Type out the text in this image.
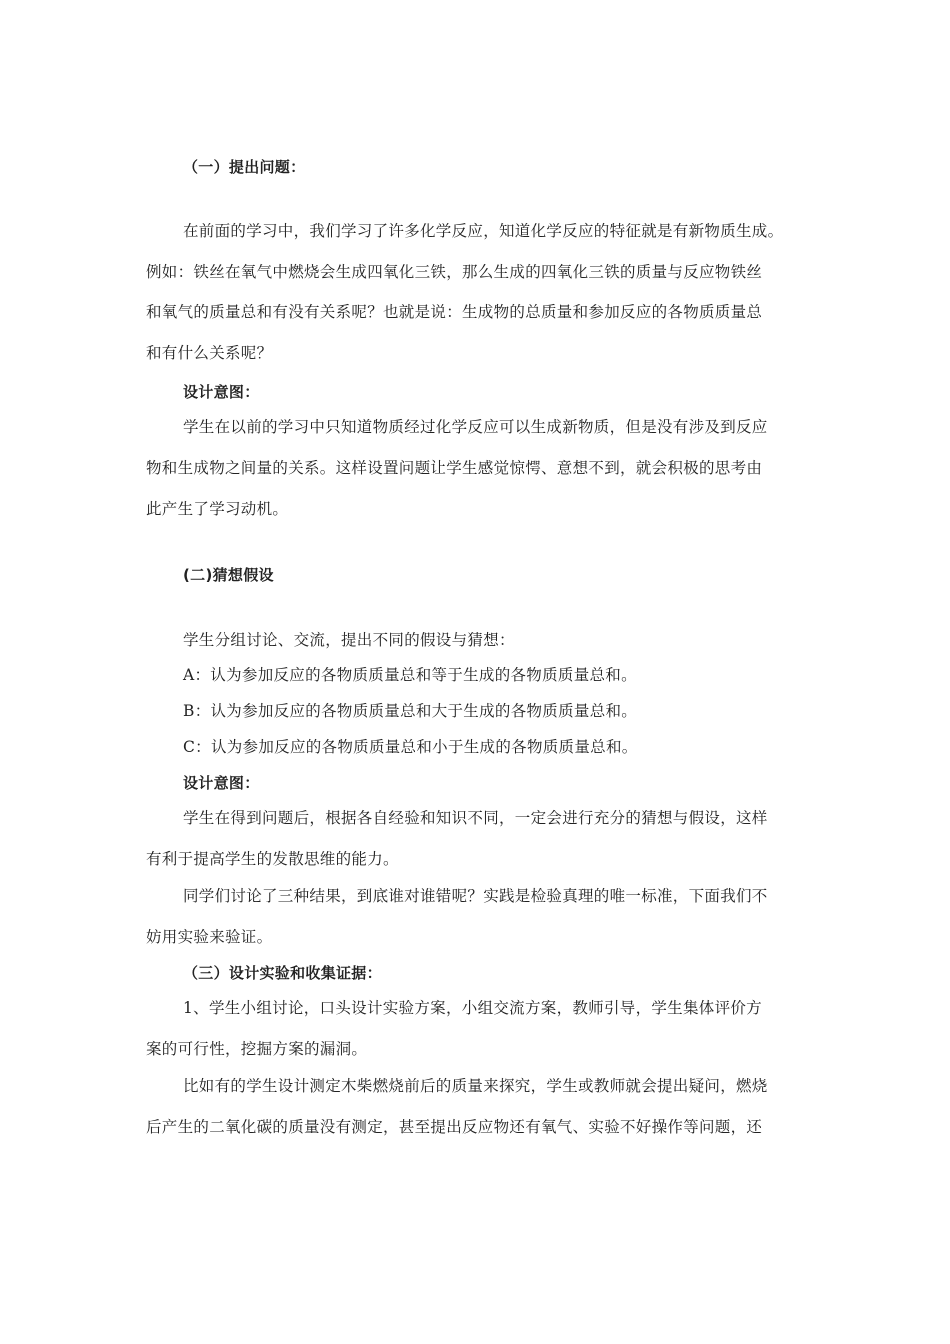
（一）提出问题：
在前面的学习中，我们学习了许多化学反应，知道化学反应的特征就是有新物质生成。
例如：铁丝在氧气中燃烧会生成四氧化三铁，那么生成的四氧化三铁的质量与反应物铁丝
和氧气的质量总和有没有关系呢？也就是说：生成物的总质量和参加反应的各物质质量总
和有什么关系呢？
设计意图：
学生在以前的学习中只知道物质经过化学反应可以生成新物质，但是没有涉及到反应
物和生成物之间量的关系。这样设置问题让学生感觉惊愕、意想不到，就会积极的思考由
此产生了学习动机。
(二)猜想假设
学生分组讨论、交流，提出不同的假设与猜想：
A：认为参加反应的各物质质量总和等于生成的各物质质量总和。
B：认为参加反应的各物质质量总和大于生成的各物质质量总和。
C：认为参加反应的各物质质量总和小于生成的各物质质量总和。
设计意图：
学生在得到问题后，根据各自经验和知识不同，一定会进行充分的猜想与假设，这样
有利于提高学生的发散思维的能力。
同学们讨论了三种结果，到底谁对谁错呢？实践是检验真理的唯一标准，下面我们不
妨用实验来验证。
（三）设计实验和收集证据：
1、学生小组讨论，口头设计实验方案，小组交流方案，教师引导，学生集体评价方
案的可行性，挖掘方案的漏洞。
比如有的学生设计测定木柴燃烧前后的质量来探究，学生或教师就会提出疑问，燃烧
后产生的二氧化碳的质量没有测定，甚至提出反应物还有氧气、实验不好操作等问题，还
